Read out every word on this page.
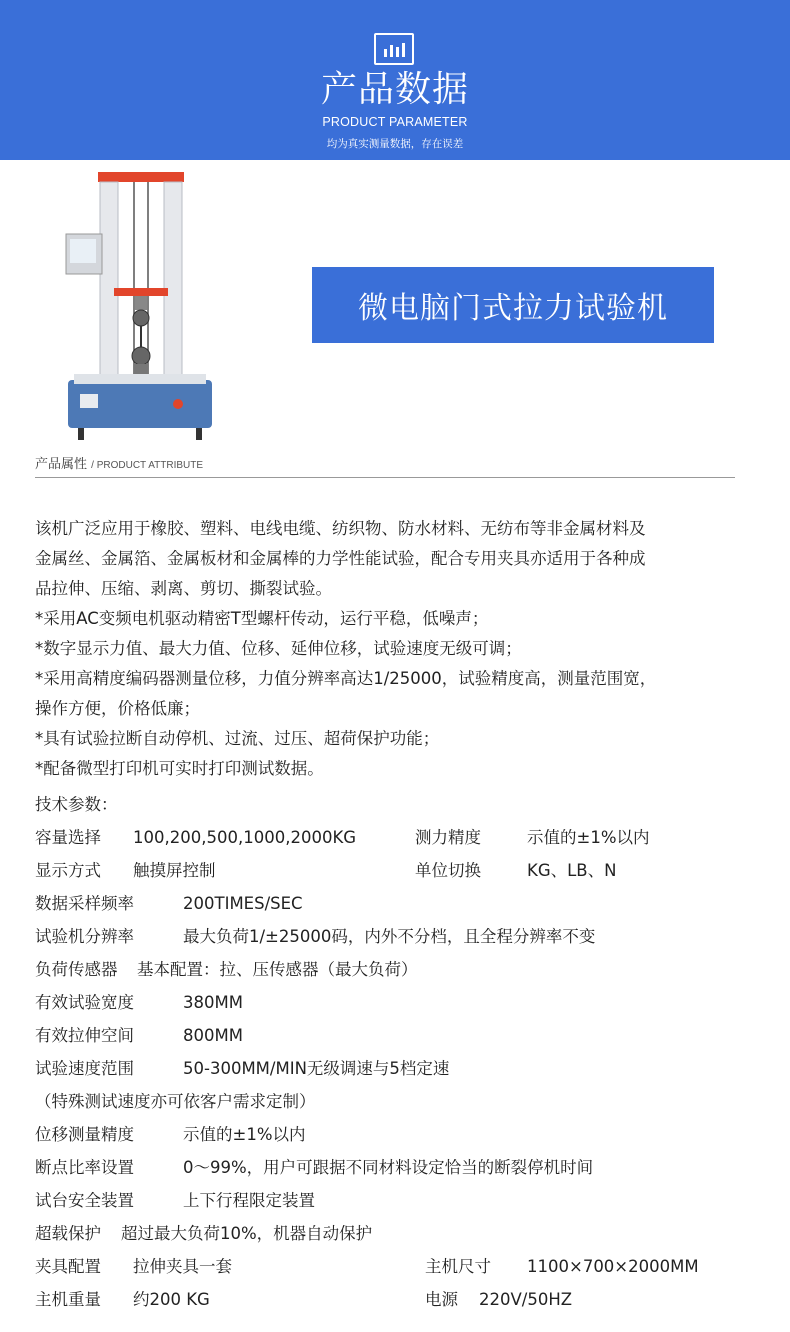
产品数据
PRODUCT PARAMETER
均为真实测量数据，存在误差
微电脑门式拉力试验机
产品属性 / PRODUCT ATTRIBUTE

该机广泛应用于橡胶、塑料、电线电缆、纺织物、防水材料、无纺布等非金属材料及

金属丝、金属箔、金属板材和金属棒的力学性能试验，配合专用夹具亦适用于各种成

品拉伸、压缩、剥离、剪切、撕裂试验。

*采用AC变频电机驱动精密T型螺杆传动，运行平稳，低噪声；

*数字显示力值、最大力值、位移、延伸位移，试验速度无级可调；

*采用高精度编码器测量位移，力值分辨率高达1/25000，试验精度高，测量范围宽，

操作方便，价格低廉；

*具有试验拉断自动停机、过流、过压、超荷保护功能；

*配备微型打印机可实时打印测试数据。

技术参数：
容量选择 100,200,500,1000,2000KG	测力精度	示值的±1%以内
显示方式 触摸屏控制	单位切换	KG、LB、N
数据采样频率	200TIMES/SEC
试验机分辨率	最大负荷1/±25000码，内外不分档，且全程分辨率不变
负荷传感器 基本配置：拉、压传感器（最大负荷）
有效试验宽度	380MM
有效拉伸空间	800MM
试验速度范围	50-300MM/MIN无级调速与5档定速
（特殊测试速度亦可依客户需求定制）
位移测量精度	示值的±1%以内
断点比率设置	0～99%，用户可跟据不同材料设定恰当的断裂停机时间
试台安全装置	上下行程限定装置
超载保护 超过最大负荷10%，机器自动保护
夹具配置 拉伸夹具一套	主机尺寸 1100×700×2000MM
主机重量 约200 KG	电源 220V/50HZ
